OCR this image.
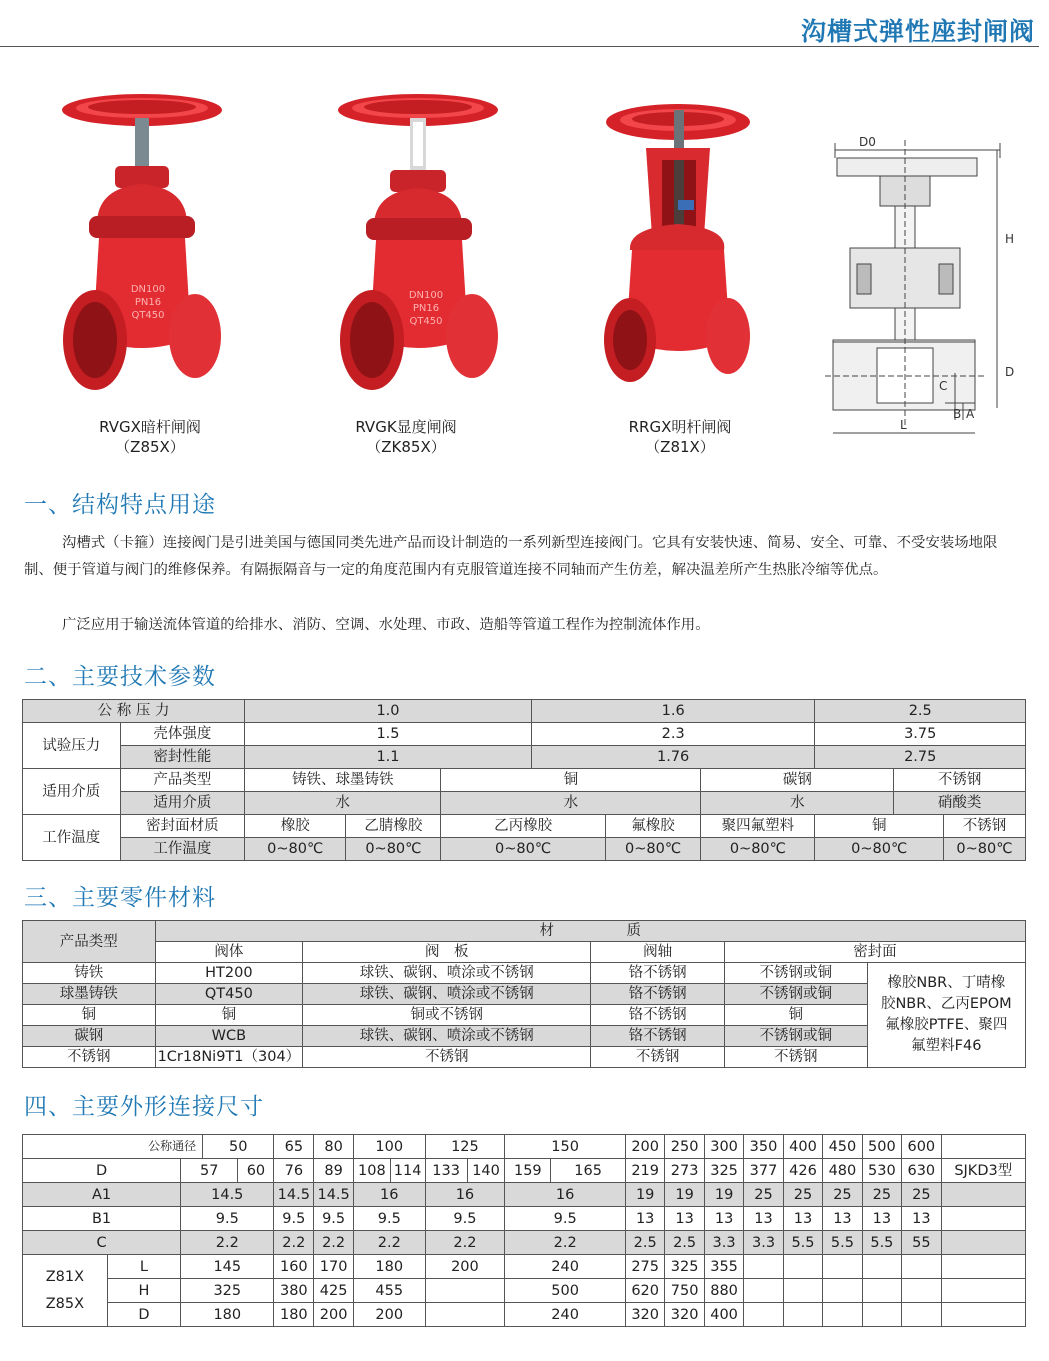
沟槽式弹性座封闸阀
DN100
PN16
QT450
RVGX暗杆闸阀
（Z85X）
DN100
PN16
QT450
RVGK显度闸阀
（ZK85X）
RRGX明杆闸阀
（Z81X）
D0
H
D
C
B A
L
一、结构特点用途
沟槽式（卡箍）连接阀门是引进美国与德国同类先进产品而设计制造的一系列新型连接阀门。它具有安装快速、简易、安全、可靠、不受安装场地限制、便于管道与阀门的维修保养。有隔振隔音与一定的角度范围内有克服管道连接不同轴而产生仿差，解决温差所产生热胀冷缩等优点。
广泛应用于输送流体管道的给排水、消防、空调、水处理、市政、造船等管道工程作为控制流体作用。
二、主要技术参数
公 称 压 力		1.0			1.6			2.5		
试验压力	壳体强度	1.5			2.3			3.75		
	密封性能	1.1			1.76			2.75		
适用介质	产品类型	铸铁、球墨铸铁		铜			碳钢		不锈钢	
	适用介质	水		水			水		硝酸类	
工作温度	密封面材质	橡胶	乙腈橡胶	乙丙橡胶		氟橡胶	聚四氟塑料	铜		不锈钢
	工作温度	0~80℃	0~80℃	0~80℃		0~80℃	0~80℃	0~80℃		0~80℃
三、主要零件材料
产品类型	材　　　　　质				
	阀体	阀　板	阀轴	密封面	
铸铁	HT200	球铁、碳钢、喷涂或不锈钢	铬不锈钢	不锈钢或铜	橡胶NBR、丁晴橡
胶NBR、乙丙EPOM
氟橡胶PTFE、聚四
氟塑料F46

球墨铸铁	QT450	球铁、碳钢、喷涂或不锈钢	铬不锈钢	不锈钢或铜	
铜	铜	铜或不锈钢	铬不锈钢	铜	
碳钢	WCB	球铁、碳钢、喷涂或不锈钢	铬不锈钢	不锈钢或铜	
不锈钢	1Cr18Ni9T1（304）	不锈钢	不锈钢	不锈钢	
四、主要外形连接尺寸
公称通径			50		65	80	100		125		150		200	250	300	350	400	450	500	600	
D		57		60	76	89	108	114	133	140	159	165	219	273	325	377	426	480	530	630	SJKD3型
A1		14.5			14.5	14.5	16		16		16		19	19	19	25	25	25	25	25	
B1		9.5			9.5	9.5	9.5		9.5		9.5		13	13	13	13	13	13	13	13	
C		2.2			2.2	2.2	2.2		2.2		2.2		2.5	2.5	3.3	3.3	5.5	5.5	5.5	55	

Z81X
Z85X	L	145			160	170	180		200		240		275	325	355						
	H	325			380	425	455				500		620	750	880						
	D	180			180	200	200				240		320	320	400						
